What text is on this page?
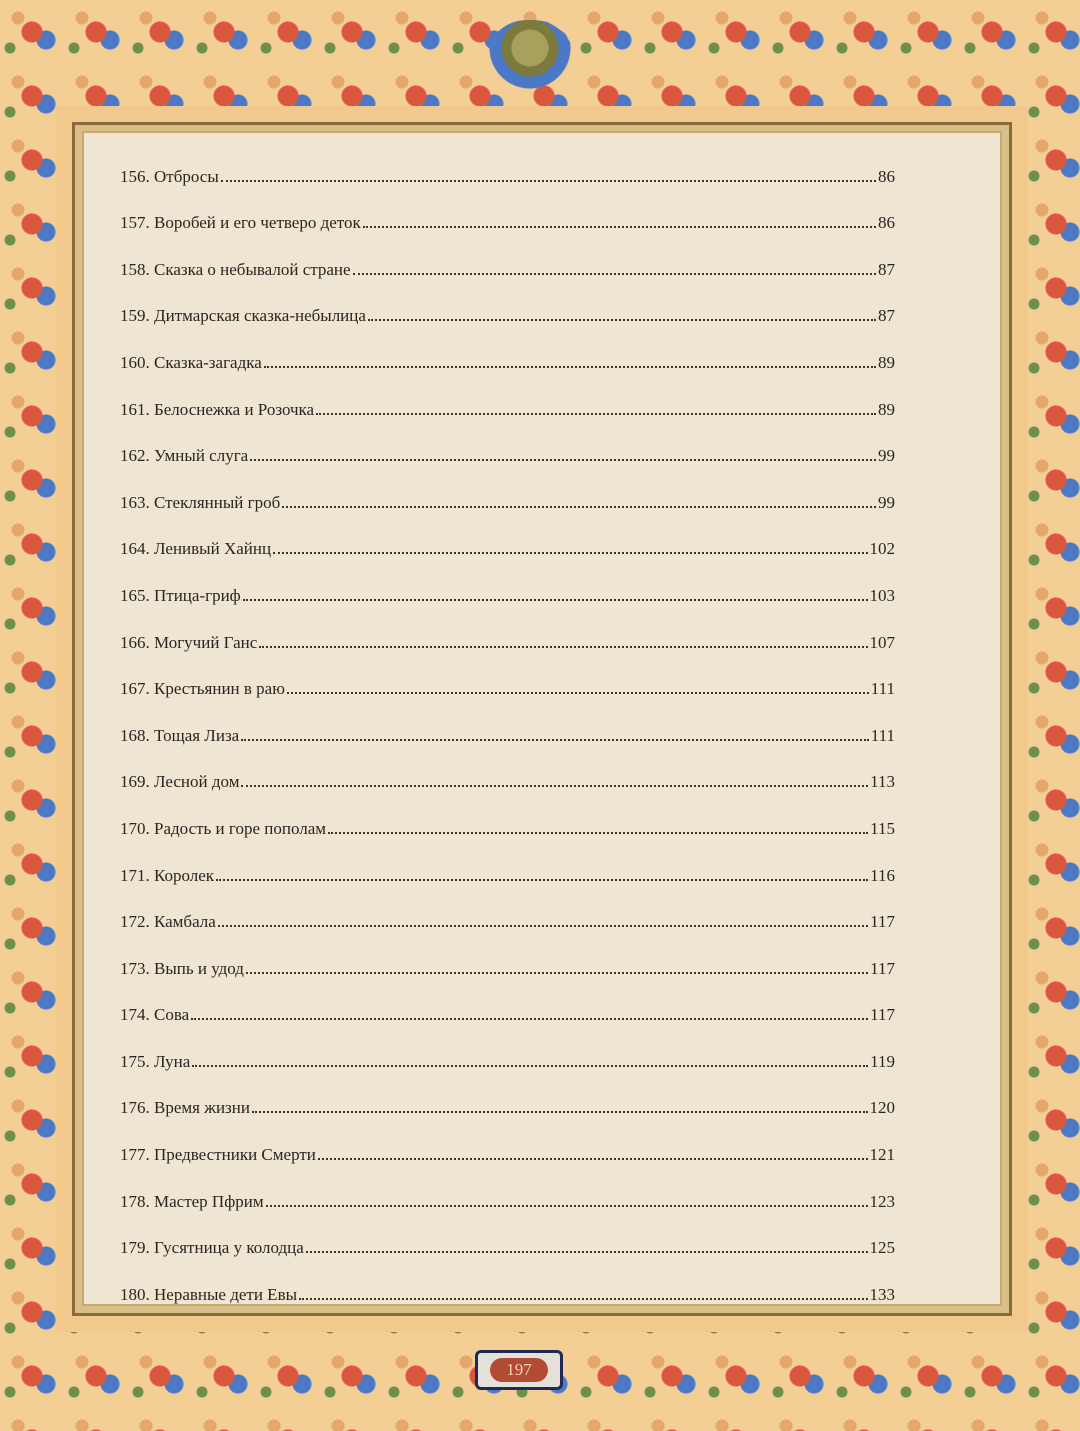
156. Отбросы	86
157. Воробей и его четверо деток	86
158. Сказка о небывалой стране	87
159. Дитмарская сказка-небылица	87
160. Сказка-загадка	89
161. Белоснежка и Розочка	89
162. Умный слуга	99
163. Стеклянный гроб	99
164. Ленивый Хайнц	102
165. Птица-гриф	103
166. Могучий Ганс	107
167. Крестьянин в раю	111
168. Тощая Лиза	111
169. Лесной дом	113
170. Радость и горе пополам	115
171. Королек	116
172. Камбала	117
173. Выпь и удод	117
174. Сова	117
175. Луна	119
176. Время жизни	120
177. Предвестники Смерти	121
178. Мастер Пфрим	123
179. Гусятница у колодца	125
180. Неравные дети Евы	133
197
